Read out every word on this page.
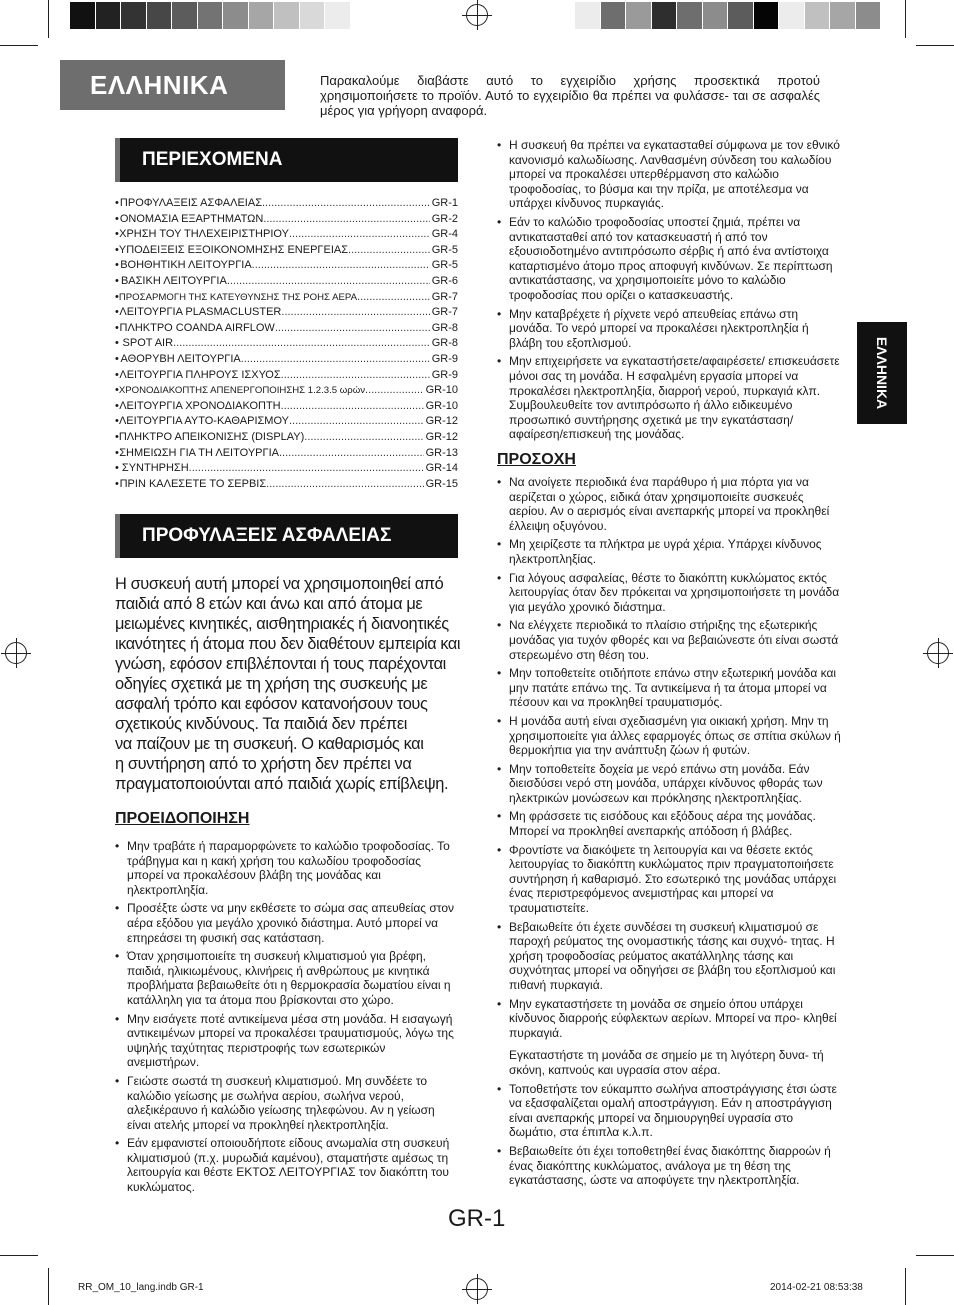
ΕΛΛΗΝΙΚΑ	Παρακαλούμε διαβάστε αυτό το εγχειρίδιο χρήσης προσεκτικά προτού χρησιμοποιήσετε το προϊόν. Αυτό το εγχειρίδιο θα πρέπει να φυλάσσε- ται σε ασφαλές μέρος για γρήγορη αναφορά.
ΠΕΡΙΕΧΟΜΕΝΑ
• ΠΡΟΦΥΛΑΞΕΙΣ ΑΣΦΑΛΕΙΑΣ .....	GR-1
• ΟΝΟΜΑΣΙΑ ΕΞΑΡΤΗΜΑΤΩΝ .....	GR-2
• ΧΡΗΣΗ ΤΟΥ ΤΗΛΕΧΕΙΡΙΣΤΗΡΙΟΥ .....	GR-4
• ΥΠΟΔΕΙΞΕΙΣ ΕΞΟΙΚΟΝΟΜΗΣΗΣ ΕΝΕΡΓΕΙΑΣ .....	GR-5
• ΒΟΗΘΗΤΙΚΗ ΛΕΙΤΟΥΡΓΙΑ .....	GR-5
• ΒΑΣΙΚΗ ΛΕΙΤΟΥΡΓΙΑ .....	GR-6
• ΠΡΟΣΑΡΜΟΓΗ ΤΗΣ ΚΑΤΕΥΘΥΝΣΗΣ ΤΗΣ ΡΟΗΣ ΑΕΡΑ .....	GR-7
• ΛΕΙΤΟΥΡΓΙΑ PLASMACLUSTER .....	GR-7
• ΠΛΗΚΤΡΟ COANDA AIRFLOW .....	GR-8
• SPOT AIR .....	GR-8
• ΑΘΟΡΥΒΗ ΛΕΙΤΟΥΡΓΙΑ .....	GR-9
• ΛΕΙΤΟΥΡΓΙΑ ΠΛΗΡΟΥΣ ΙΣΧΥΟΣ .....	GR-9
• ΧΡΟΝΟΔΙΑΚΟΠΤΗΣ ΑΠΕΝΕΡΓΟΠΟΙΗΣΗΣ 1.2.3.5 ωρών .....	GR-10
• ΛΕΙΤΟΥΡΓΙΑ ΧΡΟΝΟΔΙΑΚΟΠΤΗ .....	GR-10
• ΛΕΙΤΟΥΡΓΙΑ ΑΥΤΟ-ΚΑΘΑΡΙΣΜΟΥ .....	GR-12
• ΠΛΗΚΤΡΟ ΑΠΕΙΚΟΝΙΣΗΣ (DISPLAY) .....	GR-12
• ΣΗΜΕΙΩΣΗ ΓΙΑ ΤΗ ΛΕΙΤΟΥΡΓΙΑ .....	GR-13
• ΣΥΝΤΗΡΗΣΗ .....	GR-14
• ΠΡΙΝ ΚΑΛΕΣΕΤΕ ΤΟ ΣΕΡΒΙΣ .....	GR-15
ΠΡΟΦΥΛΑΞΕΙΣ ΑΣΦΑΛΕΙΑΣ
Η συσκευή αυτή μπορεί να χρησιμοποιηθεί από
παιδιά από 8 ετών και άνω και από άτομα με
μειωμένες κινητικές, αισθητηριακές ή διανοητικές
ικανότητες ή άτομα που δεν διαθέτουν εμπειρία και
γνώση, εφόσον επιβλέπονται ή τους παρέχονται
οδηγίες σχετικά με τη χρήση της συσκευής με
ασφαλή τρόπο και εφόσον κατανοήσουν τους
σχετικούς κινδύνους. Τα παιδιά δεν πρέπει
να παίζουν με τη συσκευή. Ο καθαρισμός και
η συντήρηση από το χρήστη δεν πρέπει να
πραγματοποιούνται από παιδιά χωρίς επίβλεψη.
ΠΡΟΕΙΔΟΠΟΙΗΣΗ
• Μην τραβάτε ή παραμορφώνετε το καλώδιο τροφοδοσίας. Το τράβηγμα και η κακή χρήση του καλωδίου τροφοδοσίας μπορεί να προκαλέσουν βλάβη της μονάδας και ηλεκτροπληξία.
• Προσέξτε ώστε να μην εκθέσετε το σώμα σας απευθείας στον αέρα εξόδου για μεγάλο χρονικό διάστημα. Αυτό μπορεί να επηρεάσει τη φυσική σας κατάσταση.
• Όταν χρησιμοποιείτε τη συσκευή κλιματισμού για βρέφη, παιδιά, ηλικιωμένους, κλινήρεις ή ανθρώπους με κινητικά προβλήματα βεβαιωθείτε ότι η θερμοκρασία δωματίου είναι η κατάλληλη για τα άτομα που βρίσκονται στο χώρο.
• Μην εισάγετε ποτέ αντικείμενα μέσα στη μονάδα. Η εισαγωγή αντικειμένων μπορεί να προκαλέσει τραυματισμούς, λόγω της υψηλής ταχύτητας περιστροφής των εσωτερικών ανεμιστήρων.
• Γειώστε σωστά τη συσκευή κλιματισμού. Μη συνδέετε το καλώδιο γείωσης με σωλήνα αερίου, σωλήνα νερού, αλεξικέραυνο ή καλώδιο γείωσης τηλεφώνου. Αν η γείωση είναι ατελής μπορεί να προκληθεί ηλεκτροπληξία.
• Εάν εμφανιστεί οποιουδήποτε είδους ανωμαλία στη συσκευή κλιματισμού (π.χ. μυρωδιά καμένου), σταματήστε αμέσως τη λειτουργία και θέστε ΕΚΤΟΣ ΛΕΙΤΟΥΡΓΙΑΣ τον διακόπτη του κυκλώματος.
• Η συσκευή θα πρέπει να εγκατασταθεί σύμφωνα με τον εθνικό κανονισμό καλωδίωσης. Λανθασμένη σύνδεση του καλωδίου μπορεί να προκαλέσει υπερθέρμανση στο καλώδιο τροφοδοσίας, το βύσμα και την πρίζα, με αποτέλεσμα να υπάρχει κίνδυνος πυρκαγιάς.
• Εάν το καλώδιο τροφοδοσίας υποστεί ζημιά, πρέπει να αντικατασταθεί από τον κατασκευαστή ή από τον εξουσιοδοτημένο αντιπρόσωπο σέρβις ή από ένα αντίστοιχα καταρτισμένο άτομο προς αποφυγή κινδύνων. Σε περίπτωση αντικατάστασης, να χρησιμοποιείτε μόνο το καλώδιο τροφοδοσίας που ορίζει ο κατασκευαστής.
• Μην καταβρέχετε ή ρίχνετε νερό απευθείας επάνω στη μονάδα. Το νερό μπορεί να προκαλέσει ηλεκτροπληξία ή βλάβη του εξοπλισμού.
• Μην επιχειρήσετε να εγκαταστήσετε/αφαιρέσετε/ επισκευάσετε μόνοι σας τη μονάδα. Η εσφαλμένη εργασία μπορεί να προκαλέσει ηλεκτροπληξία, διαρροή νερού, πυρκαγιά κλπ. Συμβουλευθείτε τον αντιπρόσωπο ή άλλο ειδικευμένο προσωπικό συντήρησης σχετικά με την εγκατάσταση/αφαίρεση/επισκευή της μονάδας.
ΠΡΟΣΟΧΗ
• Να ανοίγετε περιοδικά ένα παράθυρο ή μια πόρτα για να αερίζεται ο χώρος, ειδικά όταν χρησιμοποιείτε συσκευές αερίου. Αν ο αερισμός είναι ανεπαρκής μπορεί να προκληθεί έλλειψη οξυγόνου.
• Μη χειρίζεστε τα πλήκτρα με υγρά χέρια. Υπάρχει κίνδυνος ηλεκτροπληξίας.
• Για λόγους ασφαλείας, θέστε το διακόπτη κυκλώματος εκτός λειτουργίας όταν δεν πρόκειται να χρησιμοποιήσετε τη μονάδα για μεγάλο χρονικό διάστημα.
• Να ελέγχετε περιοδικά το πλαίσιο στήριξης της εξωτερικής μονάδας για τυχόν φθορές και να βεβαιώνεστε ότι είναι σωστά στερεωμένο στη θέση του.
• Μην τοποθετείτε οτιδήποτε επάνω στην εξωτερική μονάδα και μην πατάτε επάνω της. Τα αντικείμενα ή τα άτομα μπορεί να πέσουν και να προκληθεί τραυματισμός.
• Η μονάδα αυτή είναι σχεδιασμένη για οικιακή χρήση. Μην τη χρησιμοποιείτε για άλλες εφαρμογές όπως σε σπίτια σκύλων ή θερμοκήπια για την ανάπτυξη ζώων ή φυτών.
• Μην τοποθετείτε δοχεία με νερό επάνω στη μονάδα. Εάν διεισδύσει νερό στη μονάδα, υπάρχει κίνδυνος φθοράς των ηλεκτρικών μονώσεων και πρόκλησης ηλεκτροπληξίας.
• Μη φράσσετε τις εισόδους και εξόδους αέρα της μονάδας. Μπορεί να προκληθεί ανεπαρκής απόδοση ή βλάβες.
• Φροντίστε να διακόψετε τη λειτουργία και να θέσετε εκτός λειτουργίας το διακόπτη κυκλώματος πριν πραγματοποιήσετε συντήρηση ή καθαρισμό. Στο εσωτερικό της μονάδας υπάρχει ένας περιστρεφόμενος ανεμιστήρας και μπορεί να τραυματιστείτε.
• Βεβαιωθείτε ότι έχετε συνδέσει τη συσκευή κλιματισμού σε παροχή ρεύματος της ονομαστικής τάσης και συχνό- τητας. Η χρήση τροφοδοσίας ρεύματος ακατάλληλης τάσης και συχνότητας μπορεί να οδηγήσει σε βλάβη του εξοπλισμού και πιθανή πυρκαγιά.
• Μην εγκαταστήσετε τη μονάδα σε σημείο όπου υπάρχει κίνδυνος διαρροής εύφλεκτων αερίων. Μπορεί να προ- κληθεί πυρκαγιά.
Εγκαταστήστε τη μονάδα σε σημείο με τη λιγότερη δυνα- τή σκόνη, καπνούς και υγρασία στον αέρα.
• Τοποθετήστε τον εύκαμπτο σωλήνα αποστράγγισης έτσι ώστε να εξασφαλίζεται ομαλή αποστράγγιση. Εάν η αποστράγγιση είναι ανεπαρκής μπορεί να δημιουργηθεί υγρασία στο δωμάτιο, στα έπιπλα κ.λ.π.
• Βεβαιωθείτε ότι έχει τοποθετηθεί ένας διακόπτης διαρροών ή ένας διακόπτης κυκλώματος, ανάλογα με τη θέση της εγκατάστασης, ώστε να αποφύγετε την ηλεκτροπληξία.
ΕΛΛΗΝΙΚΑ
GR-1
RR_OM_10_lang.indb GR-1	2014-02-21 08:53:38
